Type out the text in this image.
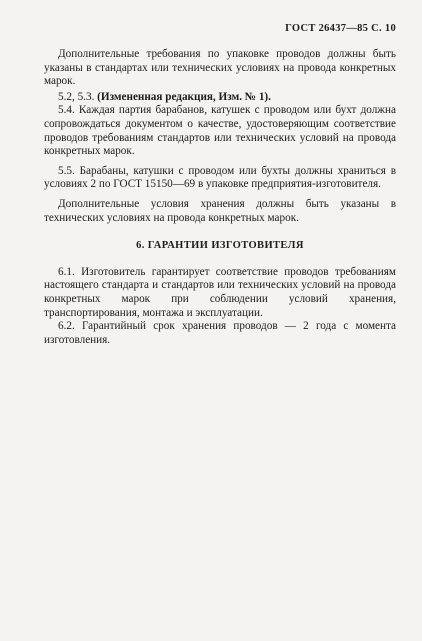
ГОСТ 26437—85 С. 10

Дополнительные требования по упаковке проводов должны быть указаны в стандартах или технических условиях на провода конкретных марок.

5.2, 5.3. (Измененная редакция, Изм. № 1).

5.4. Каждая партия барабанов, катушек с проводом или бухт должна сопровождаться документом о качестве, удостоверяющим соответствие проводов требованиям стандартов или технических условий на провода конкретных марок.

5.5. Барабаны, катушки с проводом или бухты должны храниться в условиях 2 по ГОСТ 15150—69 в упаковке предприятия-изготовителя.

Дополнительные условия хранения должны быть указаны в технических условиях на провода конкретных марок.

6. ГАРАНТИИ ИЗГОТОВИТЕЛЯ

6.1. Изготовитель гарантирует соответствие проводов требованиям настоящего стандарта и стандартов или технических условий на провода конкретных марок при соблюдении условий хранения, транспортирования, монтажа и эксплуатации.

6.2. Гарантийный срок хранения проводов — 2 года с момента изготовления.
